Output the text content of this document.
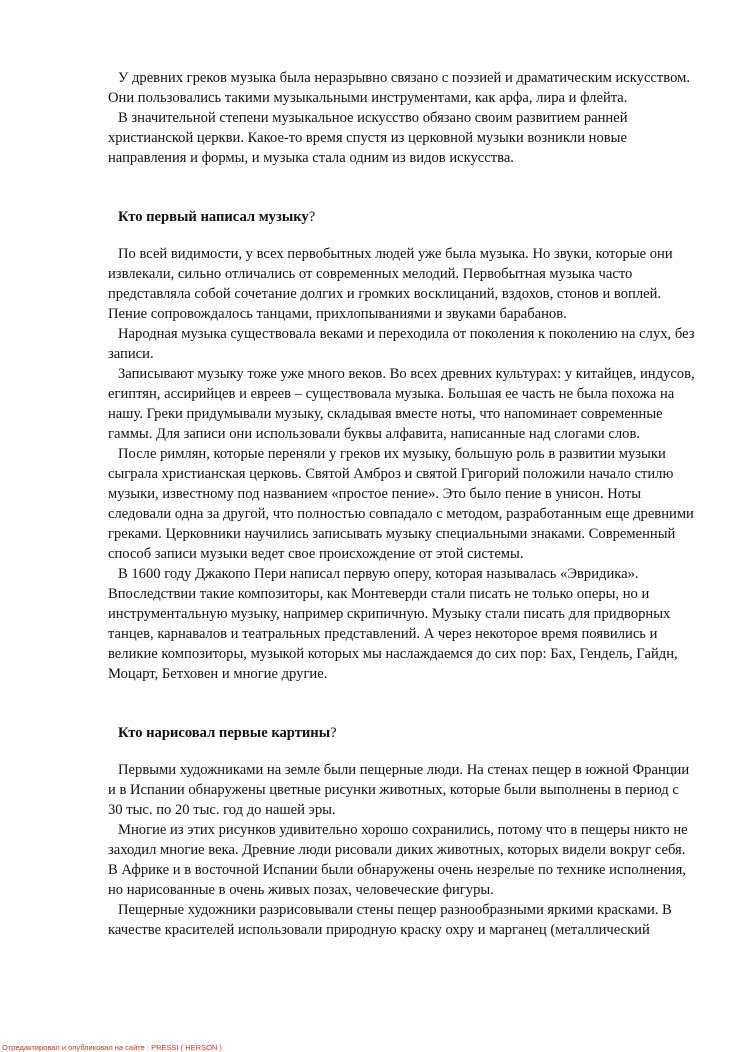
У древних греков музыка была неразрывно связано с поэзией и драматическим искусством. Они пользовались такими музыкальными инструментами, как арфа, лира и флейта.

В значительной степени музыкальное искусство обязано своим развитием ранней христианской церкви. Какое-то время спустя из церковной музыки возникли новые направления и формы, и музыка стала одним из видов искусства.

Кто первый написал музыку?

По всей видимости, у всех первобытных людей уже была музыка. Но звуки, которые они извлекали, сильно отличались от современных мелодий. Первобытная музыка часто представляла собой сочетание долгих и громких восклицаний, вздохов, стонов и воплей. Пение сопровождалось танцами, прихлопываниями и звуками барабанов.

Народная музыка существовала веками и переходила от поколения к поколению на слух, без записи.

Записывают музыку тоже уже много веков. Во всех древних культурах: у китайцев, индусов, египтян, ассирийцев и евреев – существовала музыка. Большая ее часть не была похожа на нашу. Греки придумывали музыку, складывая вместе ноты, что напоминает современные гаммы. Для записи они использовали буквы алфавита, написанные над слогами слов.

После римлян, которые переняли у греков их музыку, большую роль в развитии музыки сыграла христианская церковь. Святой Амброз и святой Григорий положили начало стилю музыки, известному под названием «простое пение». Это было пение в унисон. Ноты следовали одна за другой, что полностью совпадало с методом, разработанным еще древними греками. Церковники научились записывать музыку специальными знаками. Современный способ записи музыки ведет свое происхождение от этой системы.

В 1600 году Джакопо Пери написал первую оперу, которая называлась «Эвридика». Впоследствии такие композиторы, как Монтеверди стали писать не только оперы, но и инструментальную музыку, например скрипичную. Музыку стали писать для придворных танцев, карнавалов и театральных представлений. А через некоторое время появились и великие композиторы, музыкой которых мы наслаждаемся до сих пор: Бах, Гендель, Гайдн, Моцарт, Бетховен и многие другие.

Кто нарисовал первые картины?

Первыми художниками на земле были пещерные люди. На стенах пещер в южной Франции и в Испании обнаружены цветные рисунки животных, которые были выполнены в период с 30 тыс. по 20 тыс. год до нашей эры.

Многие из этих рисунков удивительно хорошо сохранились, потому что в пещеры никто не заходил многие века. Древние люди рисовали диких животных, которых видели вокруг себя. В Африке и в восточной Испании были обнаружены очень незрелые по технике исполнения, но нарисованные в очень живых позах, человеческие фигуры.

Пещерные художники разрисовывали стены пещер разнообразными яркими красками. В качестве красителей использовали природную краску охру и марганец (металлический

Отредактировал и опубликовал на сайте : PRESSI ( HERSON )
